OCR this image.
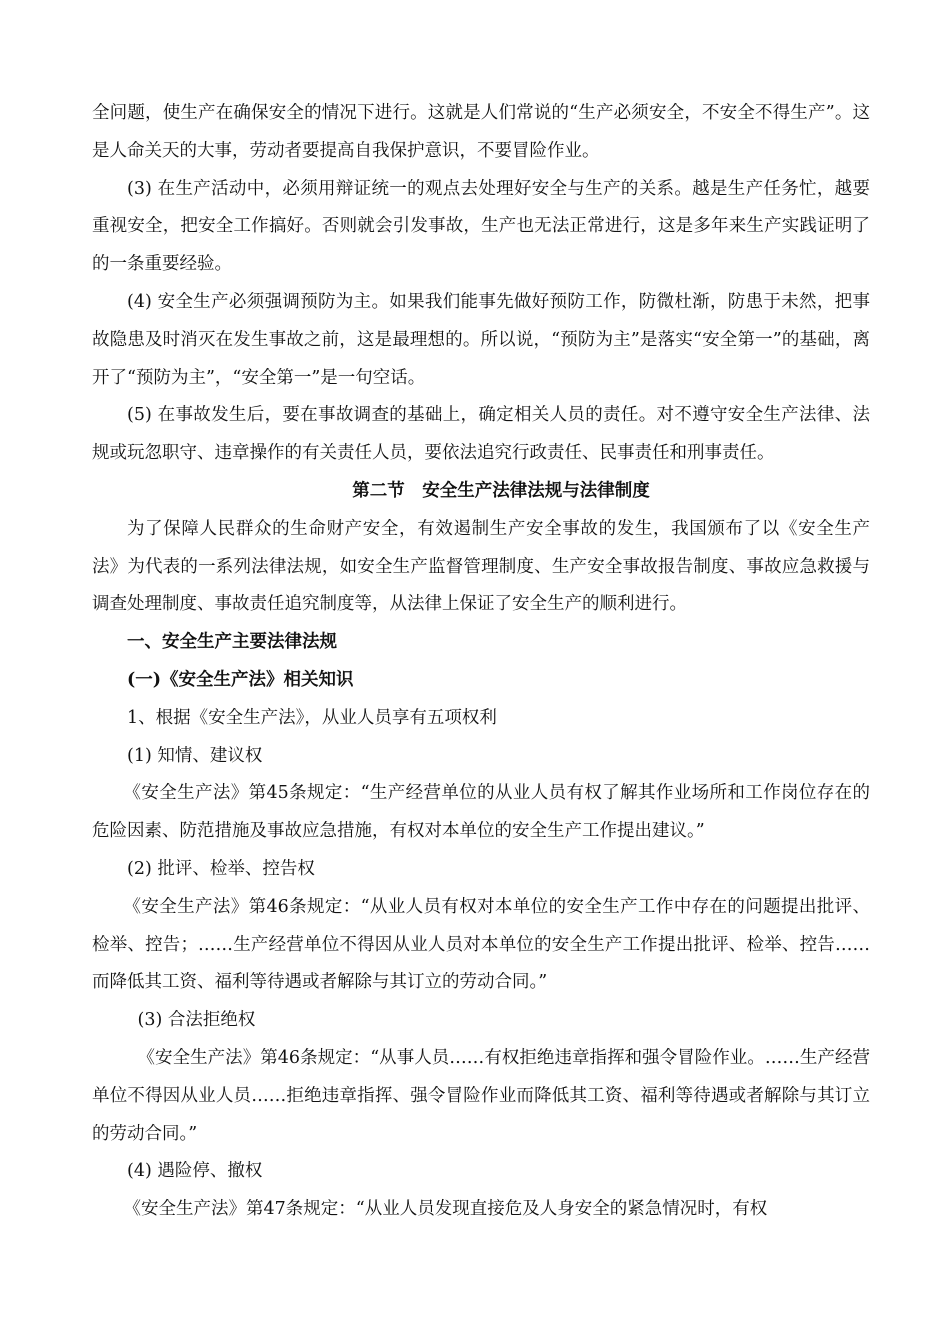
全问题，使生产在确保安全的情况下进行。这就是人们常说的“生产必须安全，不安全不得生产”。这是人命关天的大事，劳动者要提高自我保护意识，不要冒险作业。

(3) 在生产活动中，必须用辩证统一的观点去处理好安全与生产的关系。越是生产任务忙，越要重视安全，把安全工作搞好。否则就会引发事故，生产也无法正常进行，这是多年来生产实践证明了的一条重要经验。

(4) 安全生产必须强调预防为主。如果我们能事先做好预防工作，防微杜渐，防患于未然，把事故隐患及时消灭在发生事故之前，这是最理想的。所以说，“预防为主”是落实“安全第一”的基础，离开了“预防为主”，“安全第一”是一句空话。

(5) 在事故发生后，要在事故调查的基础上，确定相关人员的责任。对不遵守安全生产法律、法规或玩忽职守、违章操作的有关责任人员，要依法追究行政责任、民事责任和刑事责任。

第二节　安全生产法律法规与法律制度

为了保障人民群众的生命财产安全，有效遏制生产安全事故的发生，我国颁布了以《安全生产法》为代表的一系列法律法规，如安全生产监督管理制度、生产安全事故报告制度、事故应急救援与调查处理制度、事故责任追究制度等，从法律上保证了安全生产的顺利进行。

一、安全生产主要法律法规

(一)《安全生产法》相关知识

1、根据《安全生产法》，从业人员享有五项权利

(1) 知情、建议权

《安全生产法》第45条规定：“生产经营单位的从业人员有权了解其作业场所和工作岗位存在的危险因素、防范措施及事故应急措施，有权对本单位的安全生产工作提出建议。”

(2) 批评、检举、控告权

《安全生产法》第46条规定：“从业人员有权对本单位的安全生产工作中存在的问题提出批评、检举、控告；……生产经营单位不得因从业人员对本单位的安全生产工作提出批评、检举、控告……而降低其工资、福利等待遇或者解除与其订立的劳动合同。”

(3) 合法拒绝权

《安全生产法》第46条规定：“从事人员……有权拒绝违章指挥和强令冒险作业。……生产经营单位不得因从业人员……拒绝违章指挥、强令冒险作业而降低其工资、福利等待遇或者解除与其订立的劳动合同。”

(4) 遇险停、撤权

《安全生产法》第47条规定：“从业人员发现直接危及人身安全的紧急情况时，有权
